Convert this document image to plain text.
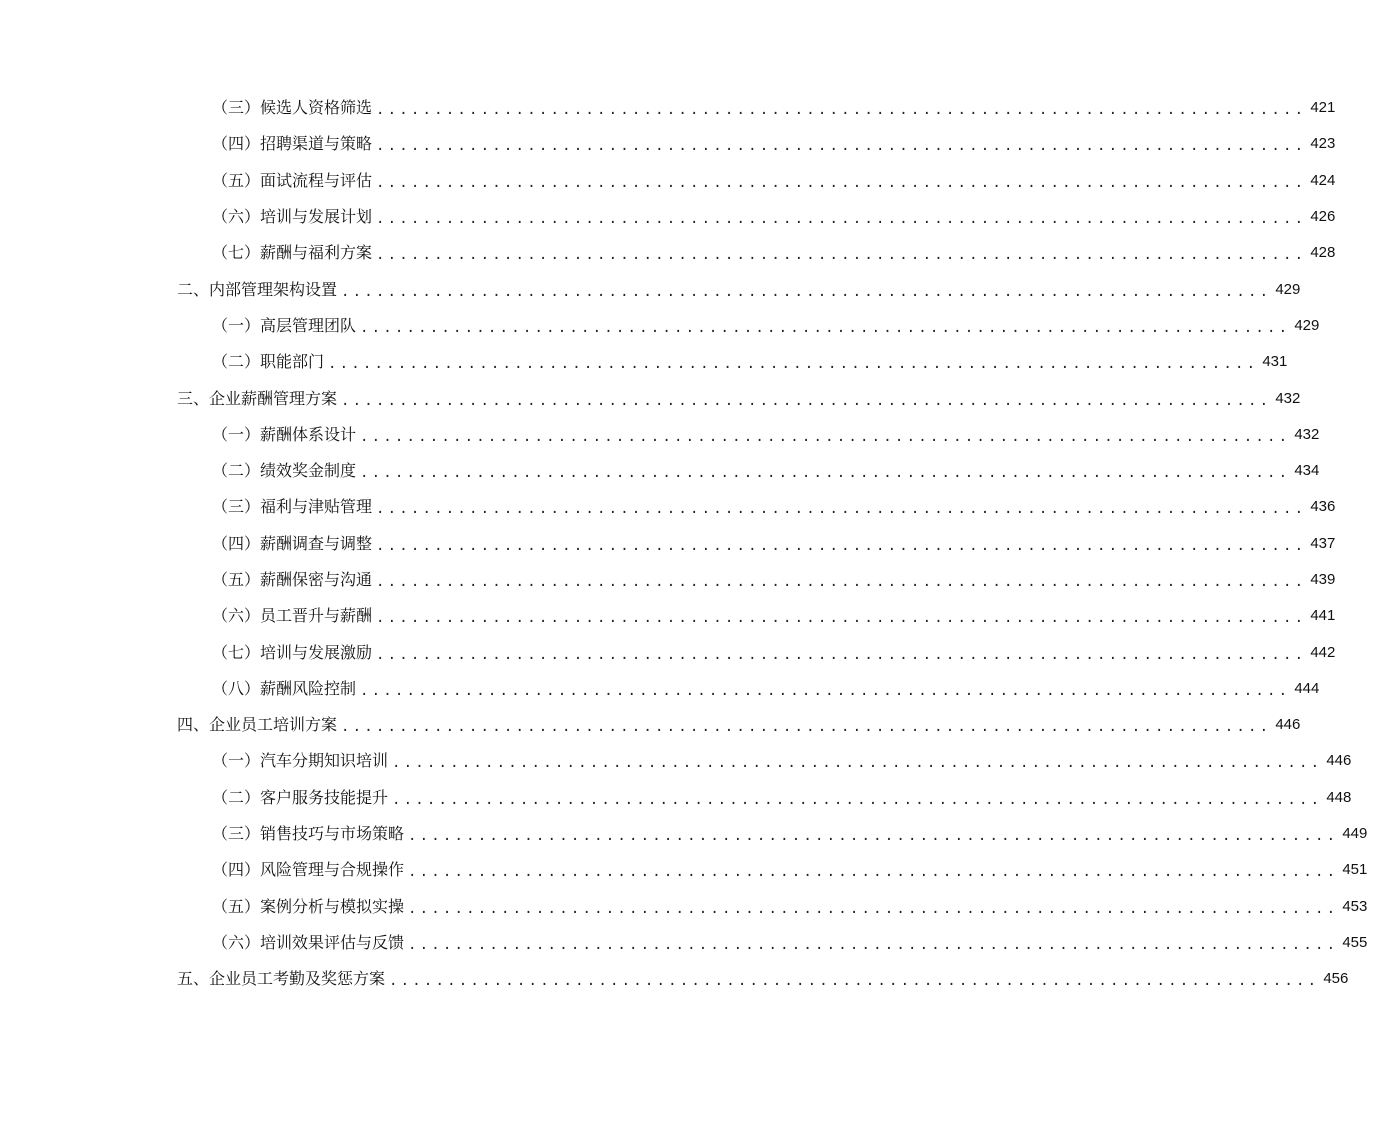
（三）候选人资格筛选 ................................................................................ 421
（四）招聘渠道与策略 ................................................................................ 423
（五）面试流程与评估 ................................................................................ 424
（六）培训与发展计划 ................................................................................ 426
（七）薪酬与福利方案 ................................................................................ 428
二、内部管理架构设置 ................................................................................ 429
（一）高层管理团队 ................................................................................ 429
（二）职能部门 ................................................................................ 431
三、企业薪酬管理方案 ................................................................................ 432
（一）薪酬体系设计 ................................................................................ 432
（二）绩效奖金制度 ................................................................................ 434
（三）福利与津贴管理 ................................................................................ 436
（四）薪酬调查与调整 ................................................................................ 437
（五）薪酬保密与沟通 ................................................................................ 439
（六）员工晋升与薪酬 ................................................................................ 441
（七）培训与发展激励 ................................................................................ 442
（八）薪酬风险控制 ................................................................................ 444
四、企业员工培训方案 ................................................................................ 446
（一）汽车分期知识培训 ................................................................................ 446
（二）客户服务技能提升 ................................................................................ 448
（三）销售技巧与市场策略 ................................................................................ 449
（四）风险管理与合规操作 ................................................................................ 451
（五）案例分析与模拟实操 ................................................................................ 453
（六）培训效果评估与反馈 ................................................................................ 455
五、企业员工考勤及奖惩方案 ................................................................................ 456
